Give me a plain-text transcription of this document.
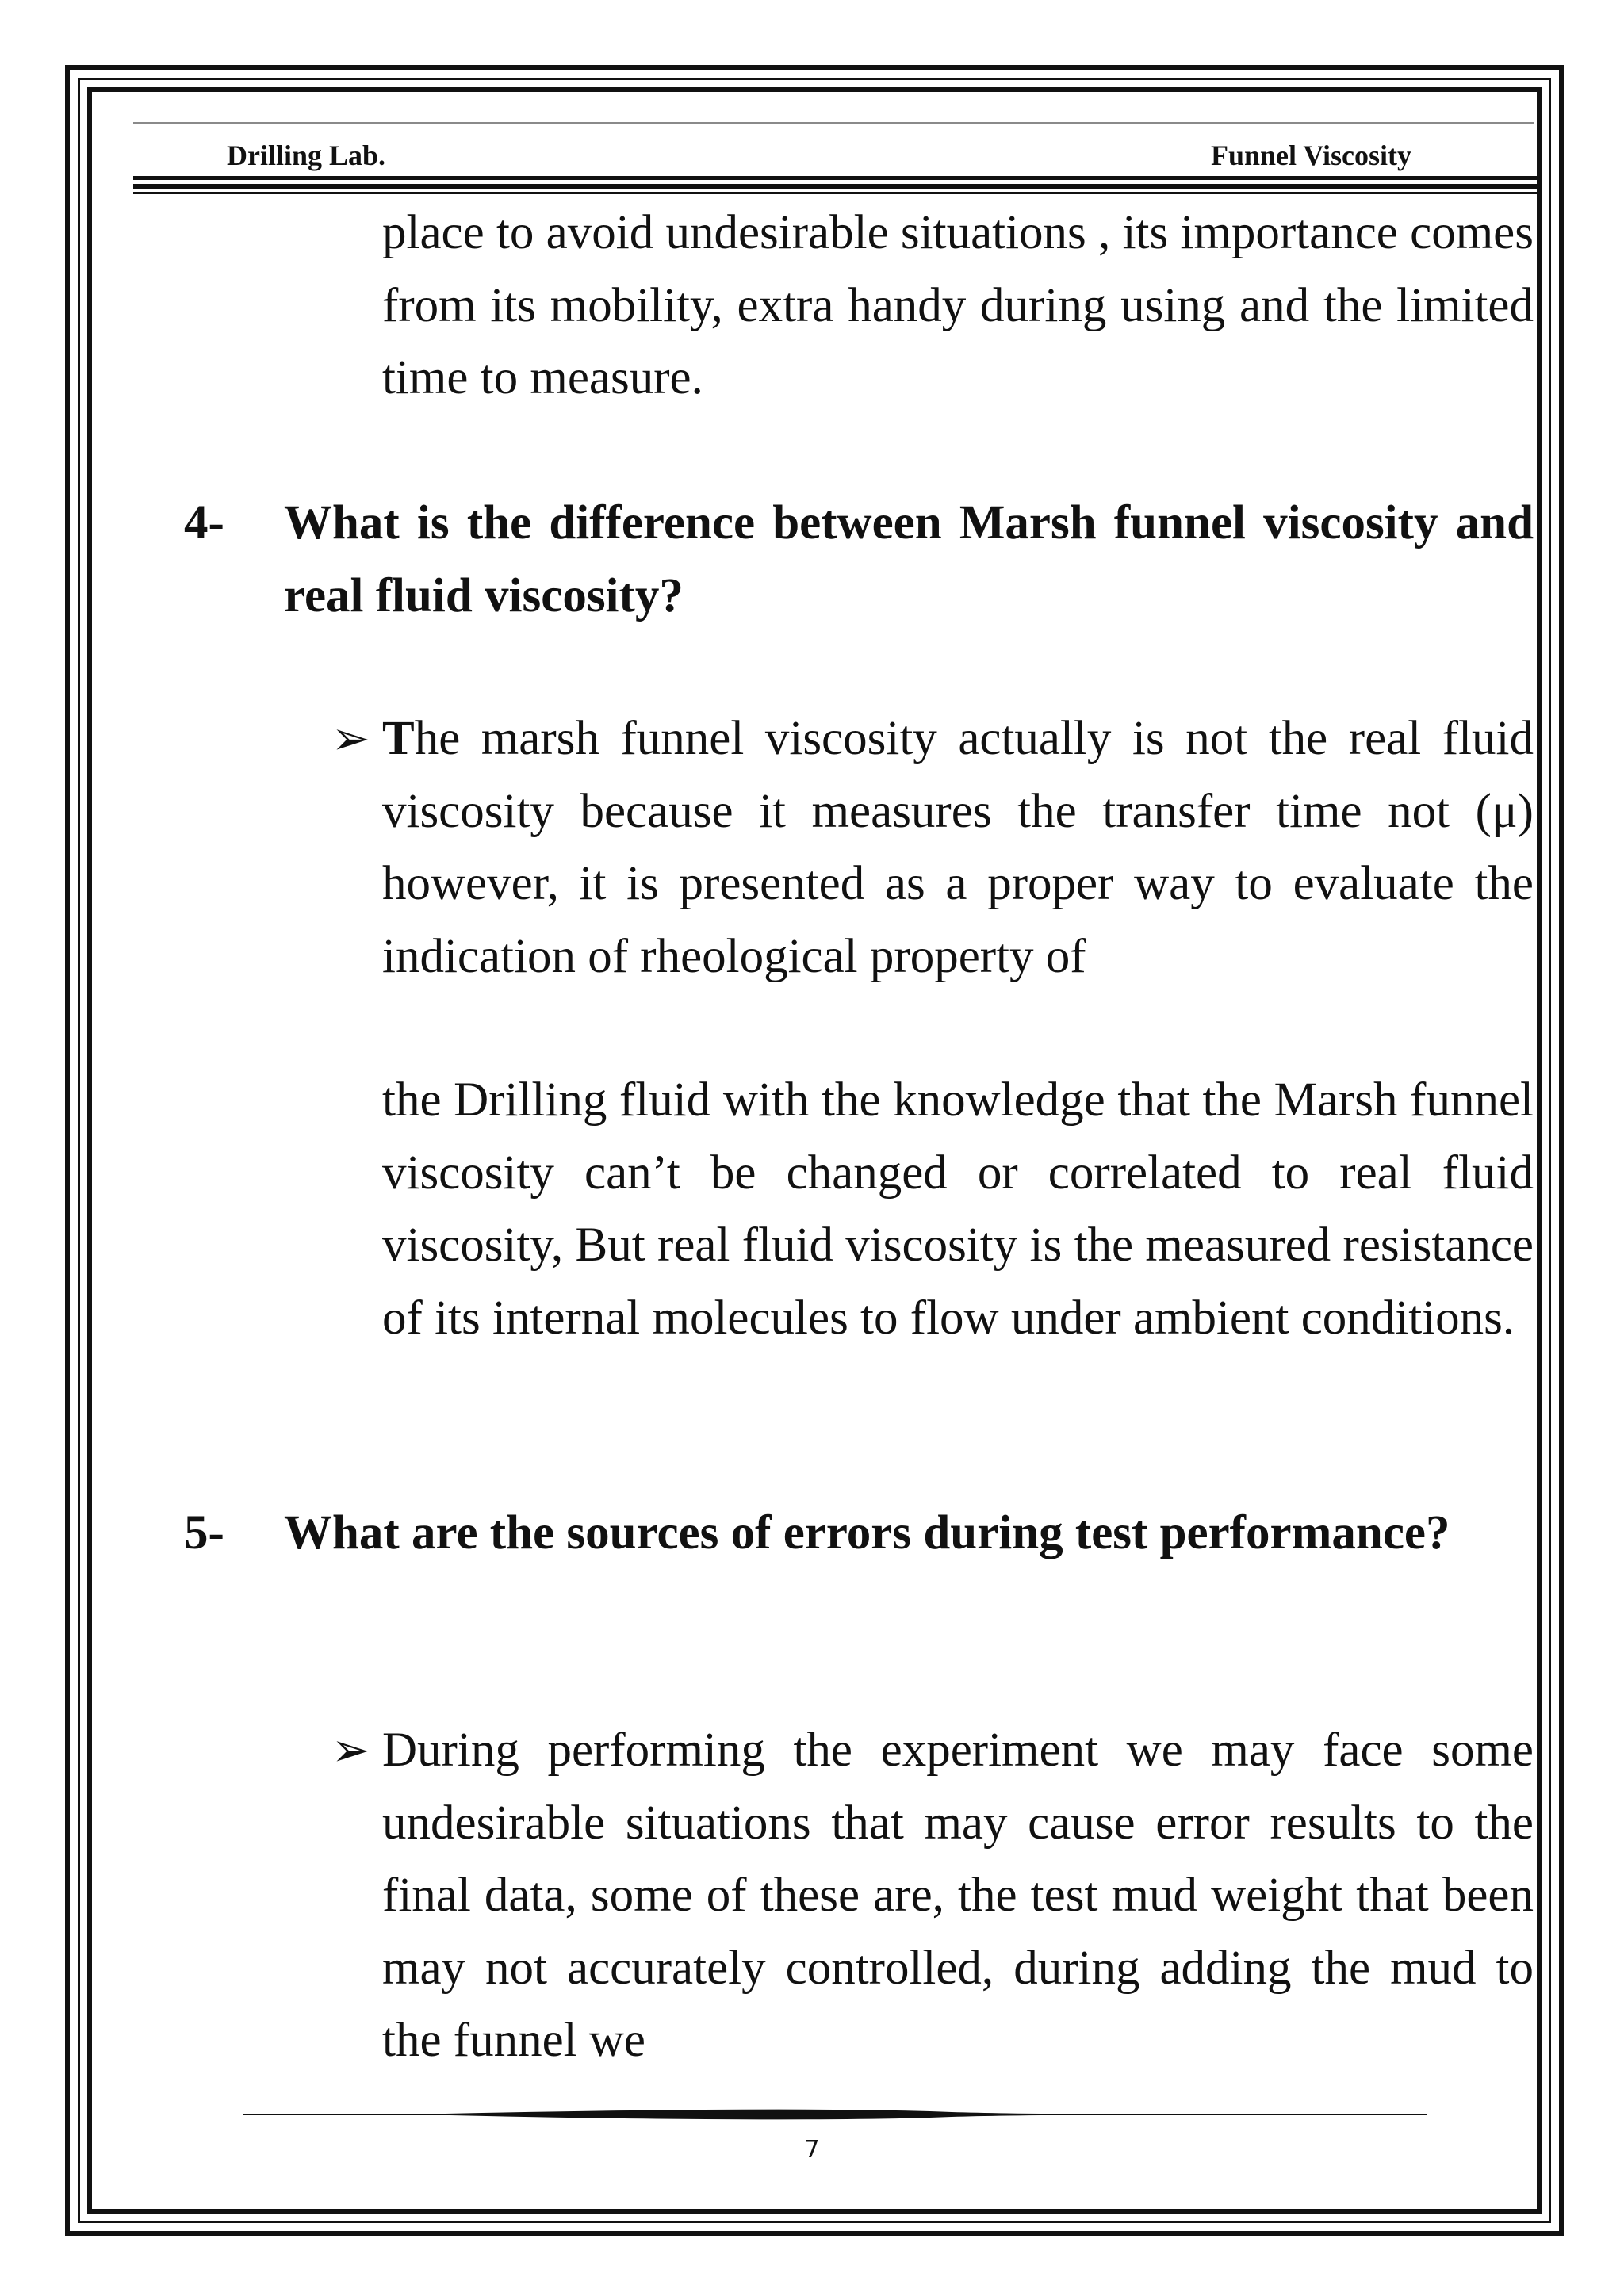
Drilling Lab.	Funnel Viscosity
place to avoid undesirable situations , its importance comes from its mobility, extra handy during using and the limited time to measure.
4- What is the difference between Marsh funnel viscosity and real fluid viscosity?
➢ The marsh funnel viscosity actually is not the real fluid viscosity because it measures the transfer time not (μ) however, it is presented as a proper way to evaluate the indication of rheological property of
the Drilling fluid with the knowledge that the Marsh funnel viscosity can’t be changed or correlated to real fluid viscosity, But real fluid viscosity is the measured resistance of its internal molecules to flow under ambient conditions.
5- What are the sources of errors during test performance?
➢ During performing the experiment we may face some undesirable situations that may cause error results to the final data, some of these are, the test mud weight that been may not accurately controlled, during adding the mud to the funnel we
7
